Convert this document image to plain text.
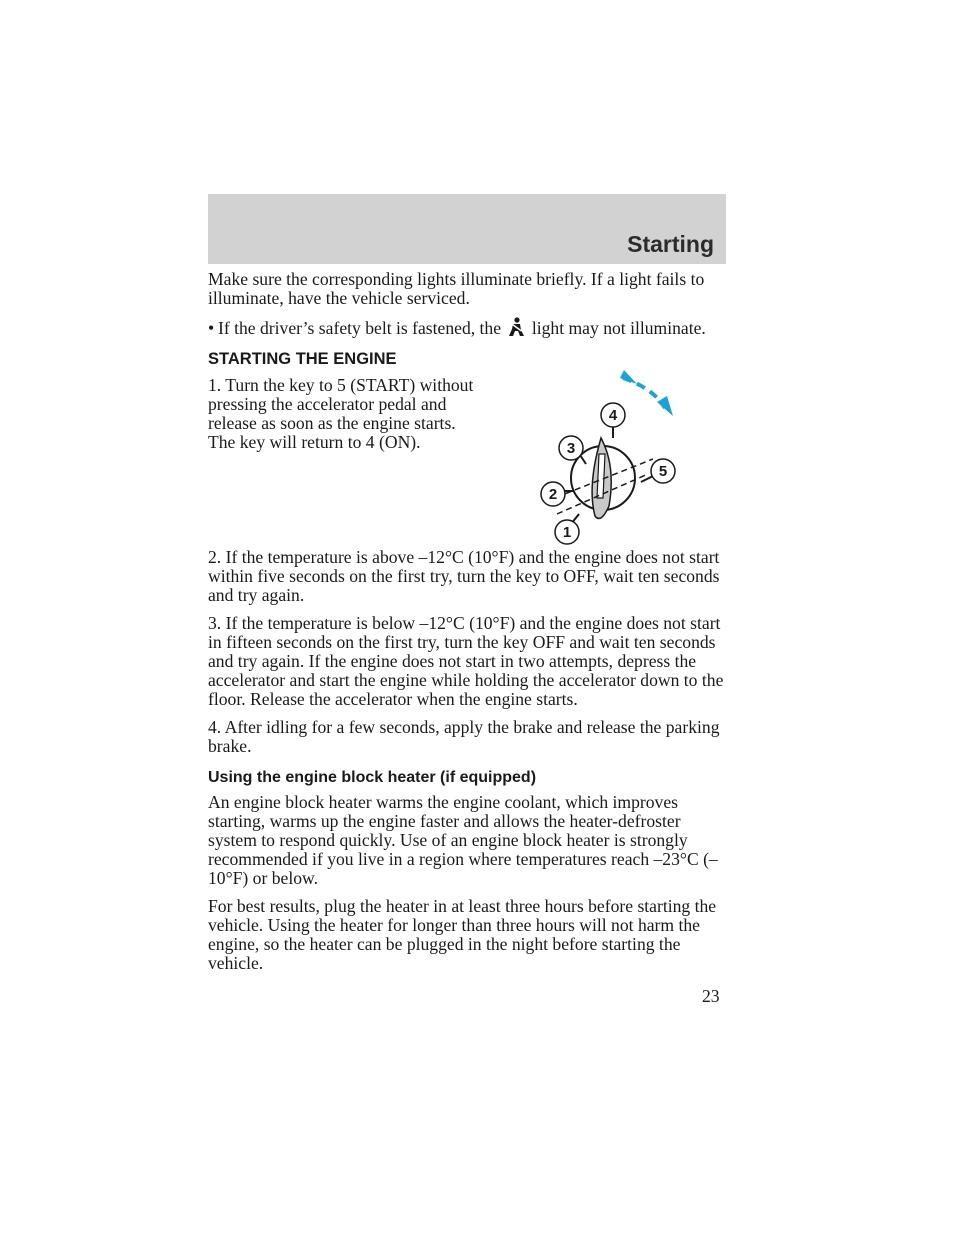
Starting

Make sure the corresponding lights illuminate briefly. If a light fails to illuminate, have the vehicle serviced.

• If the driver’s safety belt is fastened, the light may not illuminate.
STARTING THE ENGINE

1. Turn the key to 5 (START) without pressing the accelerator pedal and release as soon as the engine starts. The key will return to 4 (ON).

1
2
3
4
5

2. If the temperature is above –12°C (10°F) and the engine does not start within five seconds on the first try, turn the key to OFF, wait ten seconds and try again.

3. If the temperature is below –12°C (10°F) and the engine does not start in fifteen seconds on the first try, turn the key OFF and wait ten seconds and try again. If the engine does not start in two attempts, depress the accelerator and start the engine while holding the accelerator down to the floor. Release the accelerator when the engine starts.

4. After idling for a few seconds, apply the brake and release the parking brake.

Using the engine block heater (if equipped)

An engine block heater warms the engine coolant, which improves starting, warms up the engine faster and allows the heater-defroster system to respond quickly. Use of an engine block heater is strongly recommended if you live in a region where temperatures reach –23°C (–10°F) or below.

For best results, plug the heater in at least three hours before starting the vehicle. Using the heater for longer than three hours will not harm the engine, so the heater can be plugged in the night before starting the vehicle.

23
